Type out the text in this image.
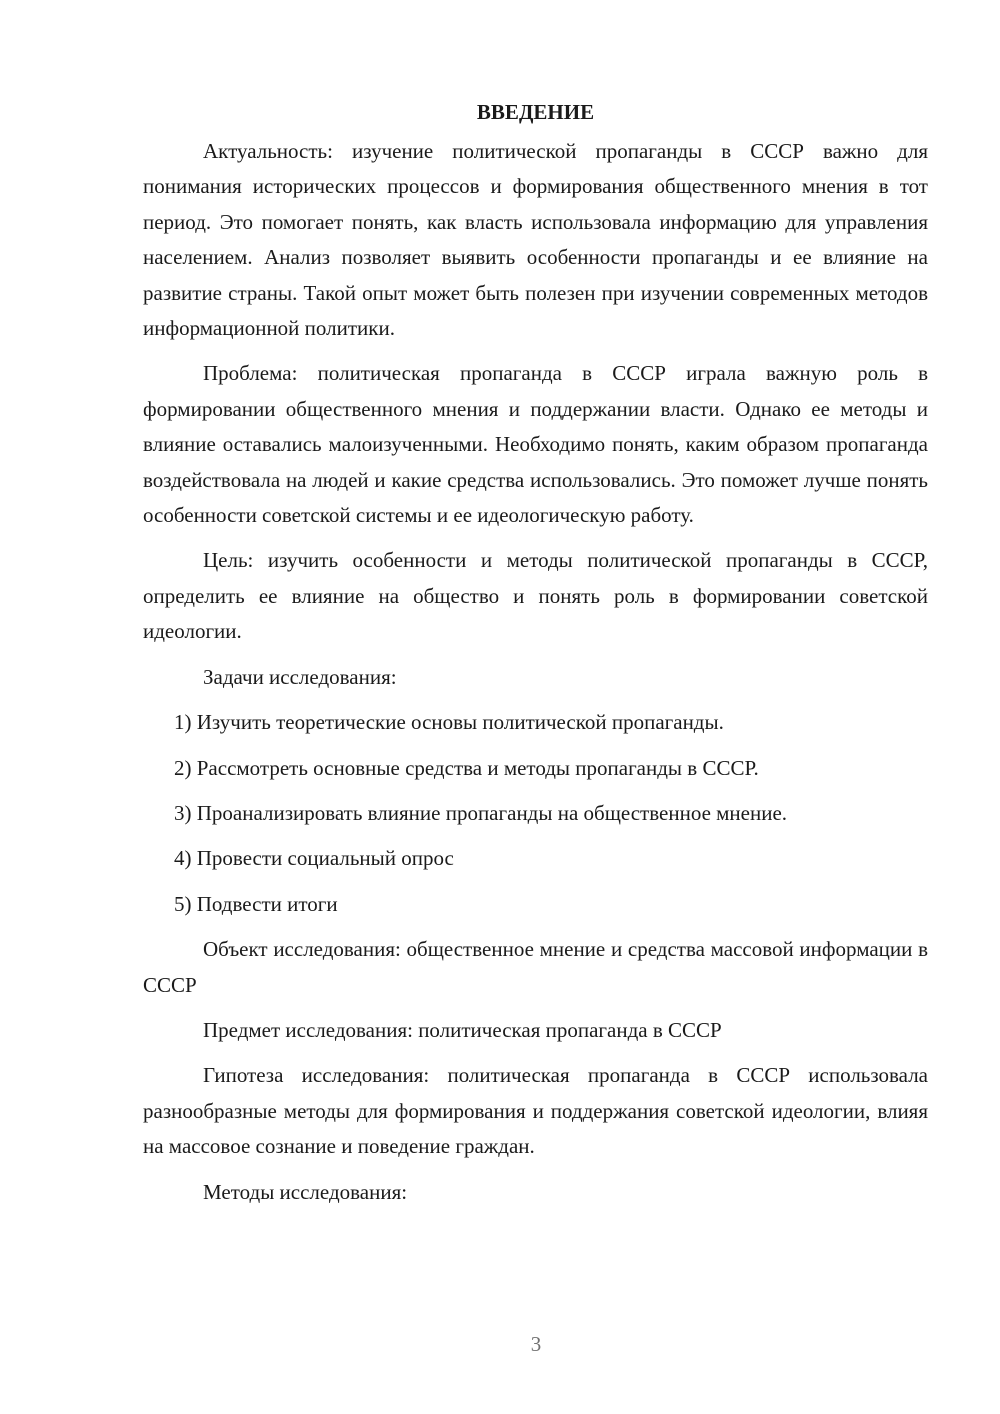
ВВЕДЕНИЕ

Актуальность: изучение политической пропаганды в СССР важно для понимания исторических процессов и формирования общественного мнения в тот период. Это помогает понять, как власть использовала информацию для управления населением. Анализ позволяет выявить особенности пропаганды и ее влияние на развитие страны. Такой опыт может быть полезен при изучении современных методов информационной политики.

Проблема: политическая пропаганда в СССР играла важную роль в формировании общественного мнения и поддержании власти. Однако ее методы и влияние оставались малоизученными. Необходимо понять, каким образом пропаганда воздействовала на людей и какие средства использовались. Это поможет лучше понять особенности советской системы и ее идеологическую работу.

Цель: изучить особенности и методы политической пропаганды в СССР, определить ее влияние на общество и понять роль в формировании советской идеологии.

Задачи исследования:

1) Изучить теоретические основы политической пропаганды.
2) Рассмотреть основные средства и методы пропаганды в СССР.
3) Проанализировать влияние пропаганды на общественное мнение.
4) Провести социальный опрос
5) Подвести итоги

Объект исследования: общественное мнение и средства массовой информации в СССР

Предмет исследования: политическая пропаганда в СССР

Гипотеза исследования: политическая пропаганда в СССР использовала разнообразные методы для формирования и поддержания советской идеологии, влияя на массовое сознание и поведение граждан.

Методы исследования:

3
